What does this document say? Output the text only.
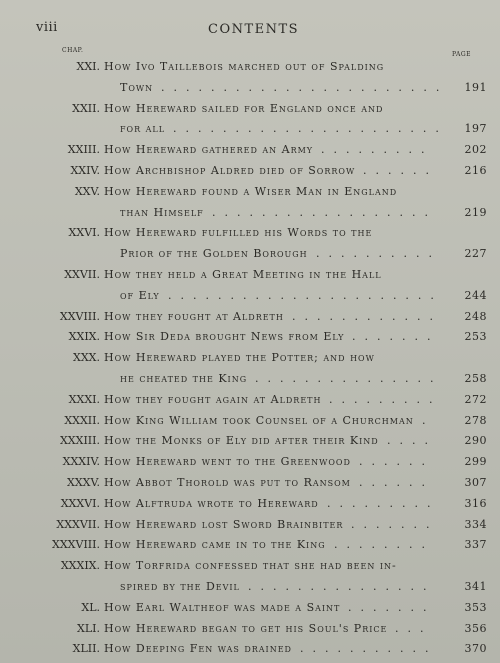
viii	CONTENTS
CHAP.
PAGE
XXI. How Ivo Taillebois marched out of Spalding
Town .......................	191
XXII. How Hereward sailed for England once and
for all ......................	197
XXIII. How Hereward gathered an Army .........	202
XXIV. How Archbishop Aldred died of Sorrow ......	216
XXV. How Hereward found a Wiser Man in England
than Himself ..................	219
XXVI. How Hereward fulfilled his Words to the
Prior of the Golden Borough ..........	227
XXVII. How they held a Great Meeting in the Hall
of Ely ......................	244
XXVIII. How they fought at Aldreth ............	248
XXIX. How Sir Deda brought News from Ely .......	253
XXX. How Hereward played the Potter; and how
he cheated the King ...............	258
XXXI. How they fought again at Aldreth .........	272
XXXII. How King William took Counsel of a Churchman .	278
XXXIII. How the Monks of Ely did after their Kind ....	290
XXXIV. How Hereward went to the Greenwood ......	299
XXXV. How Abbot Thorold was put to Ransom ......	307
XXXVI. How Alftruda wrote to Hereward .........	316
XXXVII. How Hereward lost Sword Brainbiter .......	334
XXXVIII. How Hereward came in to the King ........	337
XXXIX. How Torfrida confessed that she had been in-
spired by the Devil ...............	341
XL. How Earl Waltheof was made a Saint .......	353
XLI. How Hereward began to get his Soul's Price ...	356
XLII. How Deeping Fen was drained ...........	370
